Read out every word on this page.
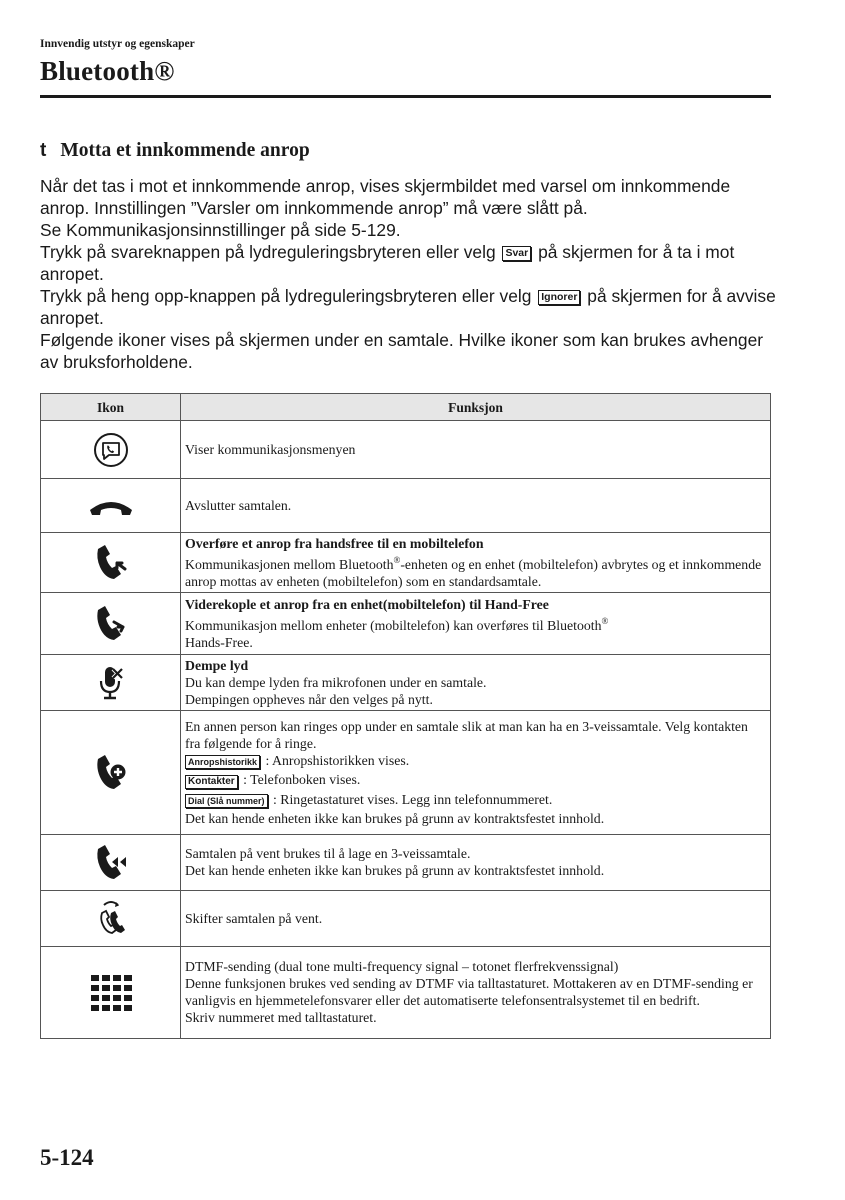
Innvendig utstyr og egenskaper
Bluetooth®
t Motta et innkommende anrop

Når det tas i mot et innkommende anrop, vises skjermbildet med varsel om innkommende anrop. Innstillingen ”Varsler om innkommende anrop” må være slått på.

Se Kommunikasjonsinnstillinger på side 5-129.

Trykk på svareknappen på lydreguleringsbryteren eller velg Svar på skjermen for å ta i mot anropet.

Trykk på heng opp-knappen på lydreguleringsbryteren eller velg Ignorer på skjermen for å avvise anropet.

Følgende ikoner vises på skjermen under en samtale. Hvilke ikoner som kan brukes avhenger av bruksforholdene.

Ikon	Funksjon

	Viser kommunikasjonsmenyen

	Avslutter samtalen.

Overføre et anrop fra handsfree til en mobiltelefon
Kommunikasjonen mellom Bluetooth®-enheten og en enhet (mobiltelefon) avbrytes og et innkommende anrop mottas av enheten (mobiltelefon) som en standardsamtale.

Viderekople et anrop fra en enhet(mobiltelefon) til Hand-Free
Kommunikasjon mellom enheter (mobiltelefon) kan overføres til Bluetooth®
Hands-Free.

Dempe lyd
Du kan dempe lyden fra mikrofonen under en samtale.
Dempingen oppheves når den velges på nytt.

En annen person kan ringes opp under en samtale slik at man kan ha en 3-veissamtale. Velg kontakten fra følgende for å ringe.
Anropshistorikk : Anropshistorikken vises.
Kontakter : Telefonboken vises.
Dial (Slå nummer) : Ringetastaturet vises. Legg inn telefonnummeret.
Det kan hende enheten ikke kan brukes på grunn av kontraktsfestet innhold.

Samtalen på vent brukes til å lage en 3-veissamtale.
Det kan hende enheten ikke kan brukes på grunn av kontraktsfestet innhold.

	Skifter samtalen på vent.

DTMF-sending (dual tone multi-frequency signal – totonet flerfrekvenssignal)
Denne funksjonen brukes ved sending av DTMF via talltastaturet. Mottakeren av en DTMF-sending er vanligvis en hjemmetelefonsvarer eller det automatiserte telefonsentralsystemet til en bedrift.
Skriv nummeret med talltastaturet.
5-124
